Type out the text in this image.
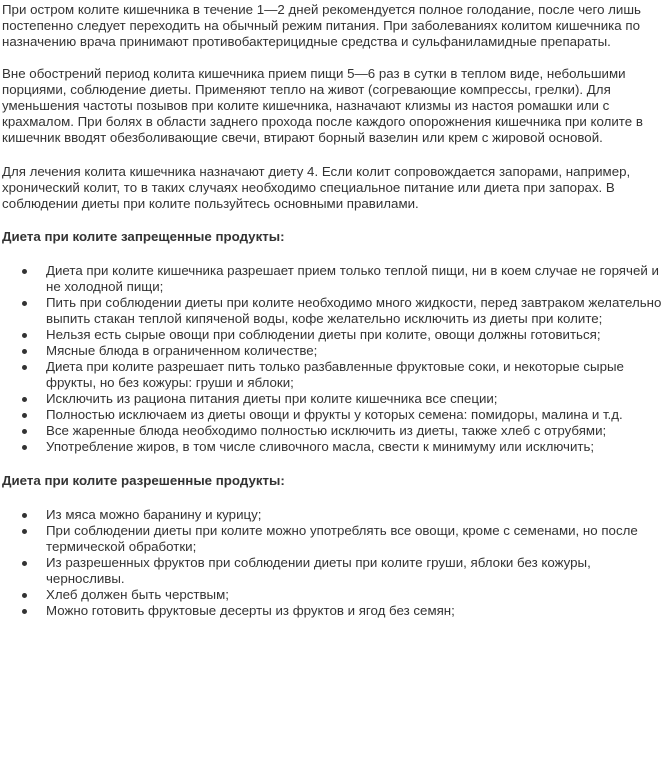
При остром колите кишечника в течение 1—2 дней рекомендуется полное голодание, после чего лишь постепенно следует переходить на обычный режим питания. При заболеваниях колитом кишечника по назначению врача принимают противобактерицидные средства и сульфаниламидные препараты.

Вне обострений период колита кишечника прием пищи 5—6 раз в сутки в теплом виде, небольшими порциями, соблюдение диеты. Применяют тепло на живот (согревающие компрессы, грелки). Для уменьшения частоты позывов при колите кишечника, назначают клизмы из настоя ромашки или с крахмалом. При болях в области заднего прохода после каждого опорожнения кишечника при колите в кишечник вводят обезболивающие свечи, втирают борный вазелин или крем с жировой основой.

Для лечения колита кишечника назначают диету 4. Если колит сопровождается запорами, например, хронический колит, то в таких случаях необходимо специальное питание или диета при запорах. В соблюдении диеты при колите пользуйтесь основными правилами.

Диета при колите запрещенные продукты:

Диета при колите кишечника разрешает прием только теплой пищи, ни в коем случае не горячей и не холодной пищи;
Пить при соблюдении диеты при колите необходимо много жидкости, перед завтраком желательно выпить стакан теплой кипяченой воды, кофе желательно исключить из диеты при колите;
Нельзя есть сырые овощи при соблюдении диеты при колите, овощи должны готовиться;
Мясные блюда в ограниченном количестве;
Диета при колите разрешает пить только разбавленные фруктовые соки, и некоторые сырые фрукты, но без кожуры: груши и яблоки;
Исключить из рациона питания диеты при колите кишечника все специи;
Полностью исключаем из диеты овощи и фрукты у которых семена: помидоры, малина и т.д.
Все жаренные блюда необходимо полностью исключить из диеты, также хлеб с отрубями;
Употребление жиров, в том числе сливочного масла, свести к минимуму или исключить;

Диета при колите разрешенные продукты:

Из мяса можно баранину и курицу;
При соблюдении диеты при колите можно употреблять все овощи, кроме с семенами, но после термической обработки;
Из разрешенных фруктов при соблюдении диеты при колите груши, яблоки без кожуры, черносливы.
Хлеб должен быть черствым;
Можно готовить фруктовые десерты из фруктов и ягод без семян;
